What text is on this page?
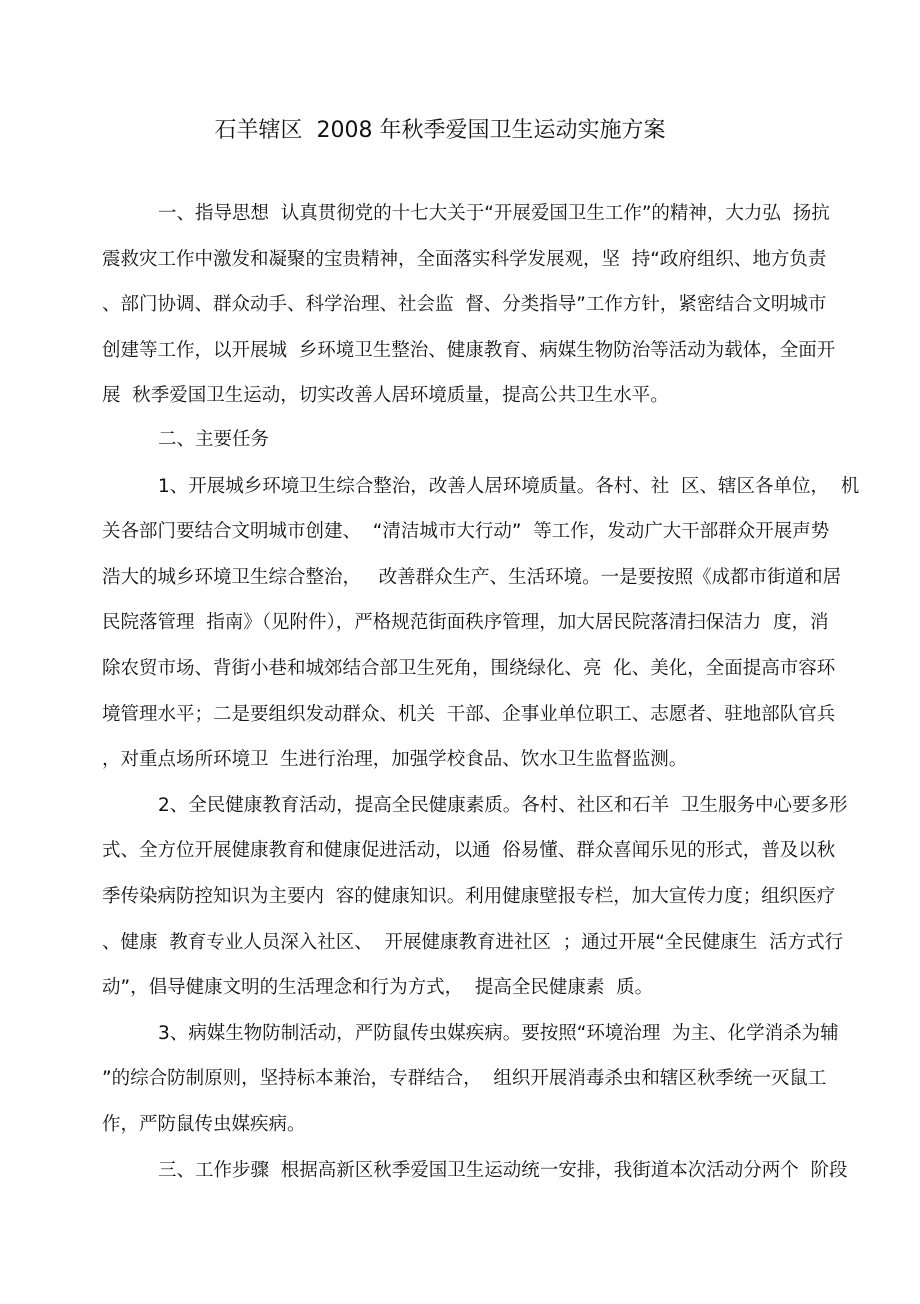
石羊辖区  2008 年秋季爱国卫生运动实施方案
一、指导思想  认真贯彻党的十七大关于“开展爱国卫生工作”的精神，大力弘  扬抗
震救灾工作中激发和凝聚的宝贵精神，全面落实科学发展观，坚  持“政府组织、地方负责
、部门协调、群众动手、科学治理、社会监  督、分类指导”工作方针，紧密结合文明城市
创建等工作，以开展城  乡环境卫生整治、健康教育、病媒生物防治等活动为载体，全面开
展  秋季爱国卫生运动，切实改善人居环境质量，提高公共卫生水平。
二、主要任务
1、开展城乡环境卫生综合整治，改善人居环境质量。各村、社  区、辖区各单位，  机
关各部门要结合文明城市创建、  “清洁城市大行动”  等工作，发动广大干部群众开展声势
浩大的城乡环境卫生综合整治，   改善群众生产、生活环境。一是要按照《成都市街道和居
民院落管理  指南》（见附件），严格规范街面秩序管理，加大居民院落清扫保洁力  度，消
除农贸市场、背街小巷和城郊结合部卫生死角，围绕绿化、亮  化、美化，全面提高市容环
境管理水平；二是要组织发动群众、机关  干部、企事业单位职工、志愿者、驻地部队官兵
，对重点场所环境卫  生进行治理，加强学校食品、饮水卫生监督监测。
2、全民健康教育活动，提高全民健康素质。各村、社区和石羊  卫生服务中心要多形
式、全方位开展健康教育和健康促进活动，以通  俗易懂、群众喜闻乐见的形式，普及以秋
季传染病防控知识为主要内  容的健康知识。利用健康壁报专栏，加大宣传力度；组织医疗
、健康  教育专业人员深入社区、  开展健康教育进社区  ；通过开展“全民健康生  活方式行
动”，倡导健康文明的生活理念和行为方式，  提高全民健康素  质。
3、病媒生物防制活动，严防鼠传虫媒疾病。要按照“环境治理  为主、化学消杀为辅
”的综合防制原则，坚持标本兼治，专群结合，  组织开展消毒杀虫和辖区秋季统一灭鼠工
作，严防鼠传虫媒疾病。
三、工作步骤  根据高新区秋季爱国卫生运动统一安排，我街道本次活动分两个  阶段
